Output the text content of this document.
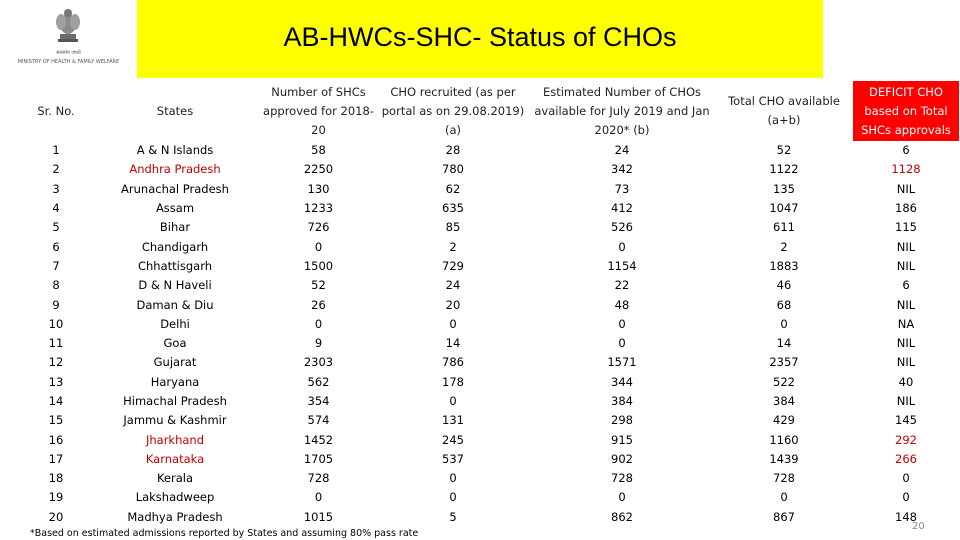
सत्यमेव जयते
MINISTRY OF HEALTH & FAMILY WELFARE
AB-HWCs-SHC- Status of CHOs
Sr. No.	States	Number of SHCs approved for 2018-20	CHO recruited (as per portal as on 29.08.2019) (a)	Estimated Number of CHOs available for July 2019 and Jan 2020* (b)	Total CHO available (a+b)	DEFICIT CHO based on Total SHCs approvals
1	A & N Islands	58	28	24	52	6
2	Andhra Pradesh	2250	780	342	1122	1128
3	Arunachal Pradesh	130	62	73	135	NIL
4	Assam	1233	635	412	1047	186
5	Bihar	726	85	526	611	115
6	Chandigarh	0	2	0	2	NIL
7	Chhattisgarh	1500	729	1154	1883	NIL
8	D & N Haveli	52	24	22	46	6
9	Daman & Diu	26	20	48	68	NIL
10	Delhi	0	0	0	0	NA
11	Goa	9	14	0	14	NIL
12	Gujarat	2303	786	1571	2357	NIL
13	Haryana	562	178	344	522	40
14	Himachal Pradesh	354	0	384	384	NIL
15	Jammu & Kashmir	574	131	298	429	145
16	Jharkhand	1452	245	915	1160	292
17	Karnataka	1705	537	902	1439	266
18	Kerala	728	0	728	728	0
19	Lakshadweep	0	0	0	0	0
20	Madhya Pradesh	1015	5	862	867	148
*Based on estimated admissions reported by States and assuming 80% pass rate
20
